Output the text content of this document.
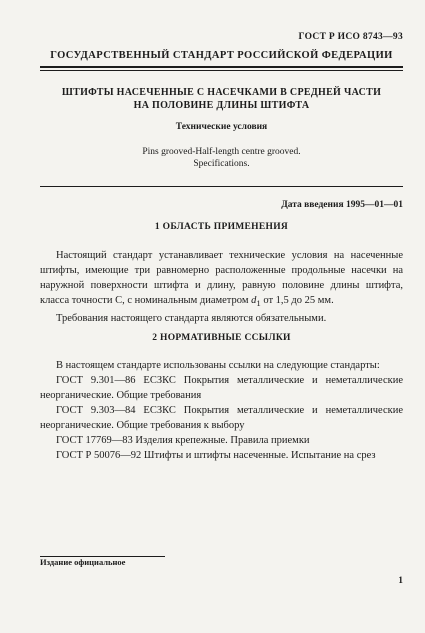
ГОСТ Р ИСО 8743—93
ГОСУДАРСТВЕННЫЙ СТАНДАРТ РОССИЙСКОЙ ФЕДЕРАЦИИ
ШТИФТЫ НАСЕЧЕННЫЕ С НАСЕЧКАМИ В СРЕДНЕЙ ЧАСТИ
НА ПОЛОВИНЕ ДЛИНЫ ШТИФТА
Технические условия
Pins grooved-Half-length centre grooved.
Specifications.
Дата введения 1995—01—01
1 ОБЛАСТЬ ПРИМЕНЕНИЯ

Настоящий стандарт устанавливает технические условия на насеченные штифты, имеющие три равномерно расположенные продольные насечки на наружной поверхности штифта и длину, равную половине длины штифта, класса точности С, с номинальным диаметром $d_1$ от 1,5 до 25 мм.

Требования настоящего стандарта являются обязательными.

2 НОРМАТИВНЫЕ ССЫЛКИ

В настоящем стандарте использованы ссылки на следующие стандарты:

ГОСТ 9.301—86 ЕСЗКС Покрытия металлические и неметаллические неорганические. Общие требования

ГОСТ 9.303—84 ЕСЗКС Покрытия металлические и неметаллические неорганические. Общие требования к выбору

ГОСТ 17769—83 Изделия крепежные. Правила приемки

ГОСТ Р 50076—92 Штифты и штифты насеченные. Испытание на срез

Издание официальное
1
